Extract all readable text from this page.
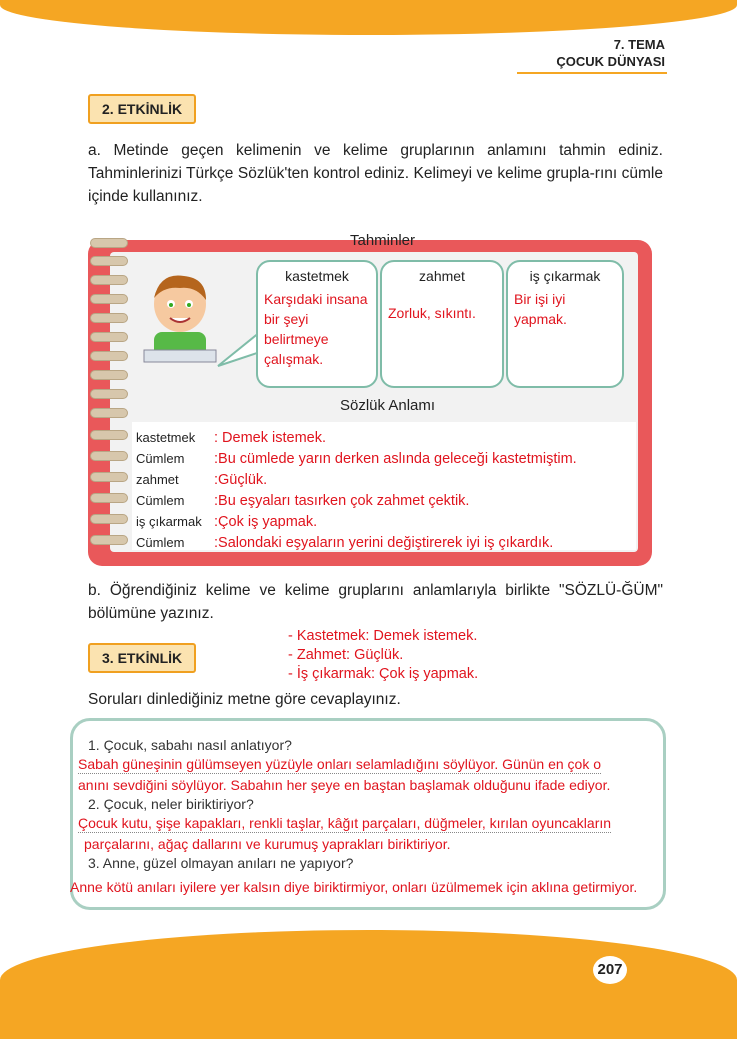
7. TEMA
ÇOCUK DÜNYASI
2. ETKİNLİK
a. Metinde geçen kelimenin ve kelime gruplarının anlamını tahmin ediniz. Tahminlerinizi Türkçe Sözlük'ten kontrol ediniz. Kelimeyi ve kelime grupla-rını cümle içinde kullanınız.
Tahminler
kastetmek
Karşıdaki insana bir şeyi belirtmeye çalışmak.
zahmet
Zorluk, sıkıntı.
iş çıkarmak
Bir işi iyi yapmak.
Sözlük Anlamı
kastetmek	: Demek istemek.
Cümlem	:Bu cümlede yarın derken aslında geleceği kastetmiştim.
zahmet	:Güçlük.
Cümlem	:Bu eşyaları tasırken çok zahmet çektik.
iş çıkarmak :Çok iş yapmak.
Cümlem	:Salondaki eşyaların yerini değiştirerek iyi iş çıkardık.
b. Öğrendiğiniz kelime ve kelime gruplarını anlamlarıyla birlikte "SÖZLÜ-ĞÜM" bölümüne yazınız.
- Kastetmek: Demek istemek.
- Zahmet: Güçlük.
- İş çıkarmak: Çok iş yapmak.
3. ETKİNLİK
Soruları dinlediğiniz metne göre cevaplayınız.
1. Çocuk, sabahı nasıl anlatıyor?
Sabah güneşinin gülümseyen yüzüyle onları selamladığını söylüyor. Günün en çok o
anını sevdiğini söylüyor. Sabahın her şeye en baştan başlamak olduğunu ifade ediyor.
2. Çocuk, neler biriktiriyor?
Çocuk kutu, şişe kapakları, renkli taşlar, kâğıt parçaları, düğmeler, kırılan oyuncakların
parçalarını, ağaç dallarını ve kurumuş yaprakları biriktiriyor.
3. Anne, güzel olmayan anıları ne yapıyor?
Anne kötü anıları iyilere yer kalsın diye biriktirmiyor, onları üzülmemek için aklına getirmiyor.
207
